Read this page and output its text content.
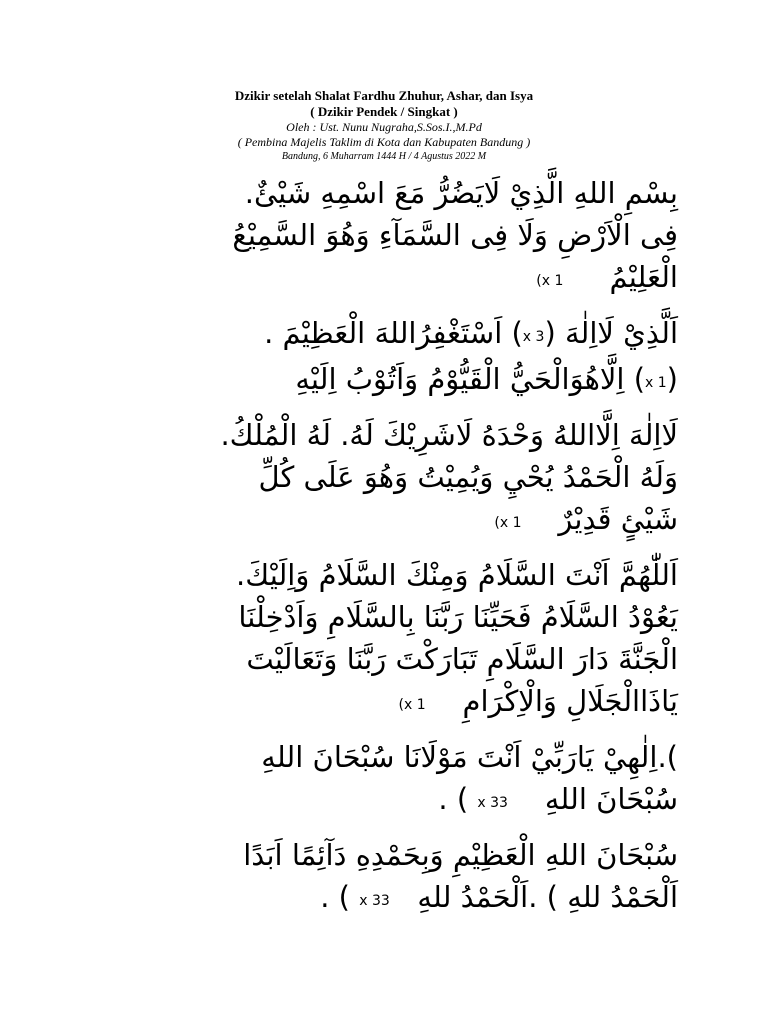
Dzikir setelah Shalat Fardhu Zhuhur, Ashar, dan Isya
( Dzikir Pendek / Singkat )
Oleh : Ust. Nunu Nugraha,S.Sos.I.,M.Pd
( Pembina Majelis Taklim di Kota dan Kabupaten Bandung )
Bandung, 6 Muharram 1444 H / 4 Agustus 2022 M
بِسْمِ اللهِ الَّذِيْ لَايَضُرُّ مَعَ اسْمِهِ شَيْئٌ.
فِى الْاَرْضِ وَلَا فِى السَّمَآءِ وَهُوَ السَّمِيْعُ
الْعَلِيْمُ     (x 1
اَلَّذِيْ لَااِلٰهَ (x 3) اَسْتَغْفِرُاللهَ الْعَظِيْمَ .
(x 1) اِلَّاهُوَالْحَيُّ الْقَيُّوْمُ وَاَتُوْبُ اِلَيْهِ
لَااِلٰهَ اِلَّااللهُ وَحْدَهُ لَاشَرِيْكَ لَهُ. لَهُ الْمُلْكُ.
وَلَهُ الْحَمْدُ يُحْيِ وَيُمِيْتُ وَهُوَ عَلَى كُلِّ
شَيْئٍ قَدِيْرٌ    (x 1
اَللّٰهُمَّ اَنْتَ السَّلَامُ وَمِنْكَ السَّلَامُ وَاِلَيْكَ.
يَعُوْدُ السَّلَامُ فَحَيِّنَا رَبَّنَا بِالسَّلَامِ وَاَدْخِلْنَا
الْجَنَّةَ دَارَ السَّلَامِ تَبَارَكْتَ رَبَّنَا وَتَعَالَيْتَ
يَاذَاالْجَلَالِ وَالْاِكْرَامِ    (x 1
).اِلٰهِيْ يَارَبِّيْ اَنْتَ مَوْلَانَا سُبْحَانَ اللهِ
سُبْحَانَ اللهِ    x 33 ) .
سُبْحَانَ اللهِ الْعَظِيْمِ وَبِحَمْدِهِ دَآئِمًا اَبَدًا
اَلْحَمْدُ للهِ ) .اَلْحَمْدُ للهِ   x 33 ) .
